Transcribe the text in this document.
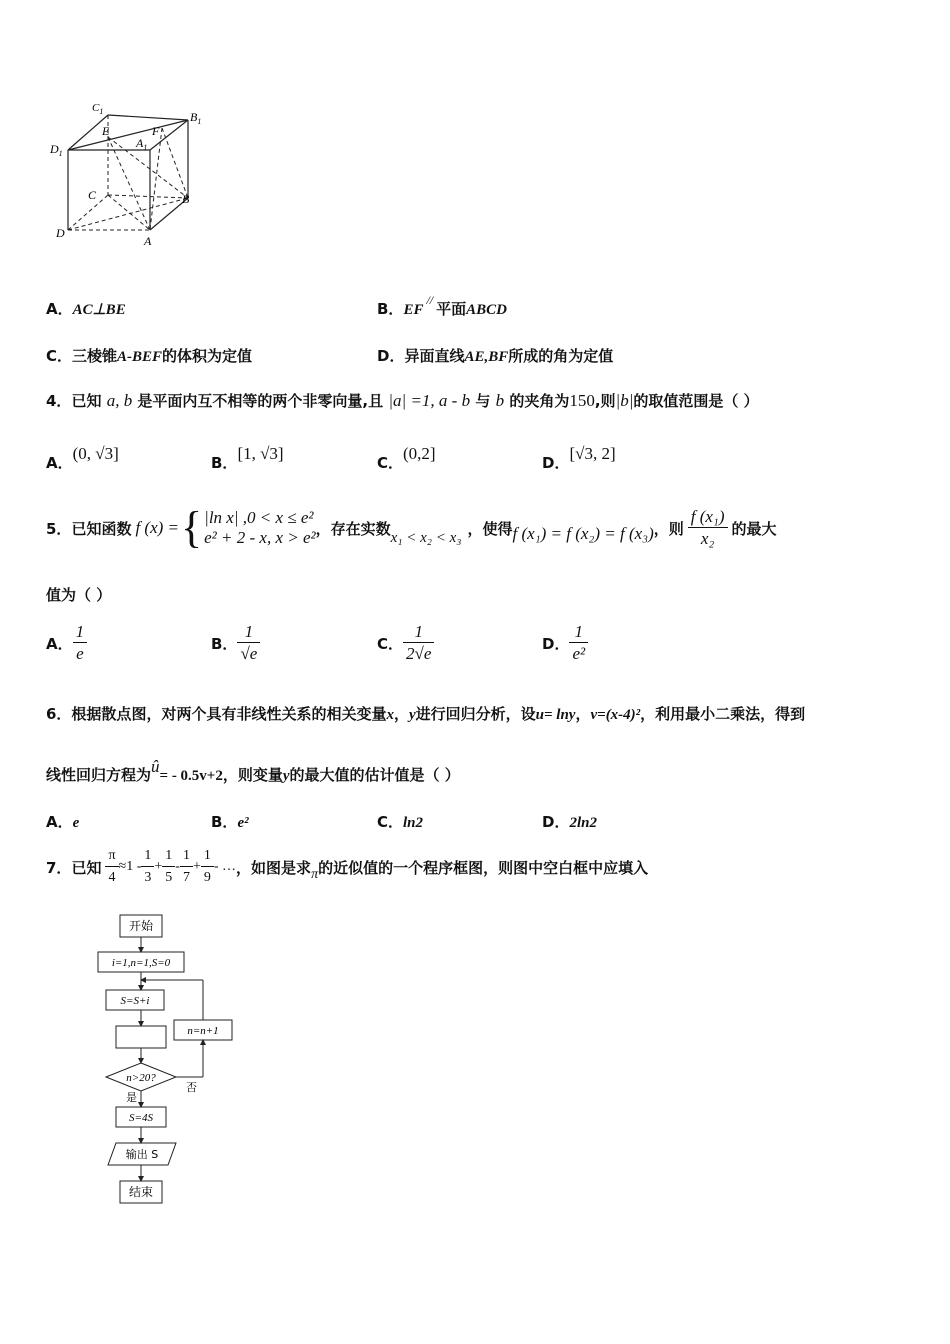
$C_1$	$B_1$
$D_1$
$A_1$
E	F
C	B
D
A
A．AC⊥BE	B．EF// 平面ABCD
C．三棱锥A-BEF的体积为定值	D．异面直线AE,BF所成的角为定值
4．已知 a, b 是平面内互不相等的两个非零向量,且 |a| =1, a - b 与 b 的夹角为150,则|b|的取值范围是（ ）
A．(0, √3]	B．[1, √3]	C．(0,2]	D．[√3, 2]
5． 已知函数 f (x) = { |ln x| ,0 < x ≤ e²
e² + 2 - x, x > e² ，存在实数 x₁ < x₂ < x₃ ，使得 f (x₁) = f (x₂) = f (x₃) ，则 $\frac{\text{f (x₁)}}{\text{x₂}}$ 的最大
值为（ ）
A． $\frac{1}{e}$	B． $\frac{1}{√e}$	C． $\frac{1}{2√e}$	D． $\frac{1}{\text{e²}}$
6．根据散点图，对两个具有非线性关系的相关变量x，y进行回归分析，设u= lny，v=(x-4)²，利用最小二乘法，得到
线性回归方程为û= - 0.5v+2，则变量y的最大值的估计值是（ ）
A．e	B．e²	C．ln2	D．2ln2
7． 已知 $\frac{\pi}{4} \approx 1 - \frac{1}{3} + \frac{1}{5} - \frac{1}{7} + \frac{1}{9}$ - … ，如图是求 π 的近似值的一个程序框图，则图中空白框中应填入
开始
i=1,n=1,S=0
S=S+i
n>20?
否
n=n+1
是
S=4S
输出 S
结束
